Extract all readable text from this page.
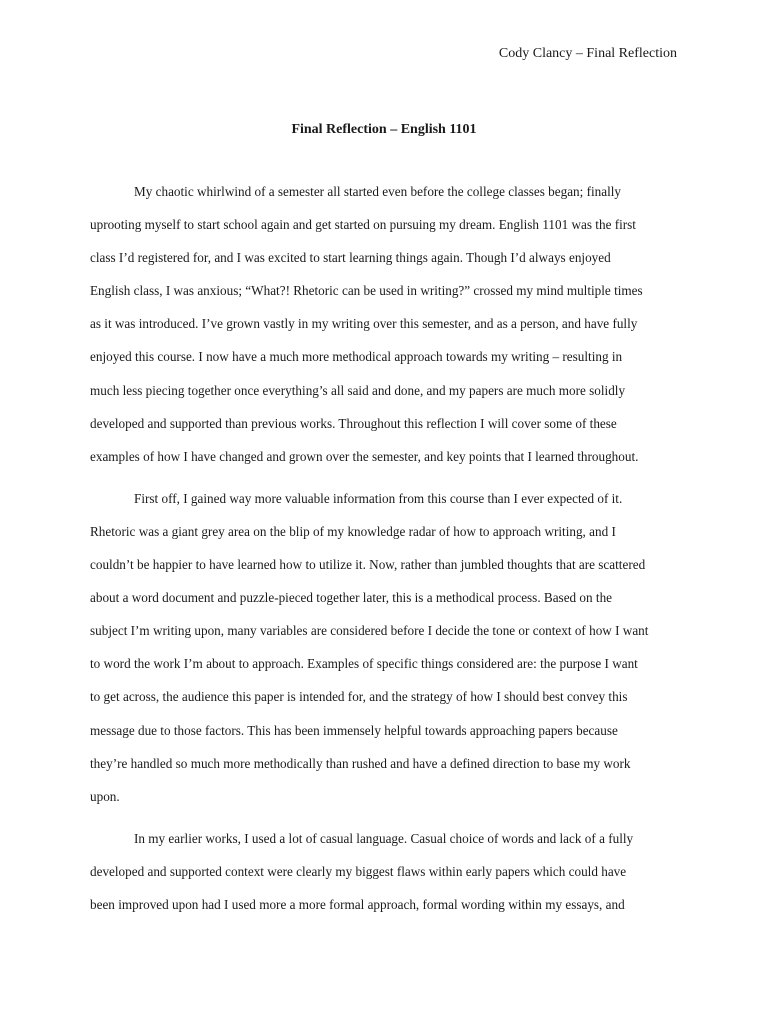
Cody Clancy – Final Reflection
Final Reflection – English 1101
My chaotic whirlwind of a semester all started even before the college classes began; finally
uprooting myself to start school again and get started on pursuing my dream. English 1101 was the first
class I’d registered for, and I was excited to start learning things again. Though I’d always enjoyed
English class, I was anxious; “What?! Rhetoric can be used in writing?” crossed my mind multiple times
as it was introduced. I’ve grown vastly in my writing over this semester, and as a person, and have fully
enjoyed this course. I now have a much more methodical approach towards my writing – resulting in
much less piecing together once everything’s all said and done, and my papers are much more solidly
developed and supported than previous works. Throughout this reflection I will cover some of these
examples of how I have changed and grown over the semester, and key points that I learned throughout.
First off, I gained way more valuable information from this course than I ever expected of it.
Rhetoric was a giant grey area on the blip of my knowledge radar of how to approach writing, and I
couldn’t be happier to have learned how to utilize it. Now, rather than jumbled thoughts that are scattered
about a word document and puzzle-pieced together later, this is a methodical process. Based on the
subject I’m writing upon, many variables are considered before I decide the tone or context of how I want
to word the work I’m about to approach. Examples of specific things considered are: the purpose I want
to get across, the audience this paper is intended for, and the strategy of how I should best convey this
message due to those factors. This has been immensely helpful towards approaching papers because
they’re handled so much more methodically than rushed and have a defined direction to base my work
upon.
In my earlier works, I used a lot of casual language. Casual choice of words and lack of a fully
developed and supported context were clearly my biggest flaws within early papers which could have
been improved upon had I used more a more formal approach, formal wording within my essays, and
